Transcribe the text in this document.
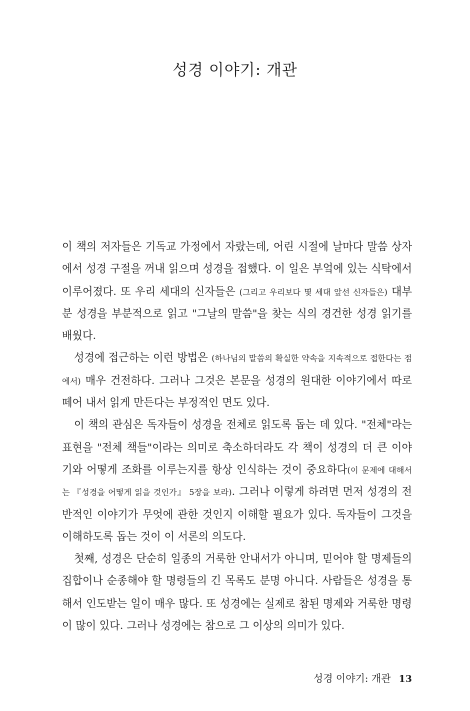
성경 이야기: 개관

이 책의 저자들은 기독교 가정에서 자랐는데, 어린 시절에 날마다 말씀 상자에서 성경 구절을 꺼내 읽으며 성경을 접했다. 이 일은 부엌에 있는 식탁에서 이루어졌다. 또 우리 세대의 신자들은 (그리고 우리보다 몇 세대 앞선 신자들은) 대부분 성경을 부분적으로 읽고 "그날의 말씀"을 찾는 식의 경건한 성경 읽기를 배웠다.

성경에 접근하는 이런 방법은 (하나님의 말씀의 확실한 약속을 지속적으로 접한다는 점에서) 매우 건전하다. 그러나 그것은 본문을 성경의 원대한 이야기에서 따로 떼어 내서 읽게 만든다는 부정적인 면도 있다.

이 책의 관심은 독자들이 성경을 전체로 읽도록 돕는 데 있다. "전체"라는 표현을 "전체 책들"이라는 의미로 축소하더라도 각 책이 성경의 더 큰 이야기와 어떻게 조화를 이루는지를 항상 인식하는 것이 중요하다(이 문제에 대해서는 『성경을 어떻게 읽을 것인가』 5장을 보라). 그러나 이렇게 하려면 먼저 성경의 전반적인 이야기가 무엇에 관한 것인지 이해할 필요가 있다. 독자들이 그것을 이해하도록 돕는 것이 이 서론의 의도다.

첫째, 성경은 단순히 일종의 거룩한 안내서가 아니며, 믿어야 할 명제들의 집합이나 순종해야 할 명령들의 긴 목록도 분명 아니다. 사람들은 성경을 통해서 인도받는 일이 매우 많다. 또 성경에는 실제로 참된 명제와 거룩한 명령이 많이 있다. 그러나 성경에는 참으로 그 이상의 의미가 있다.

성경 이야기: 개관 13
